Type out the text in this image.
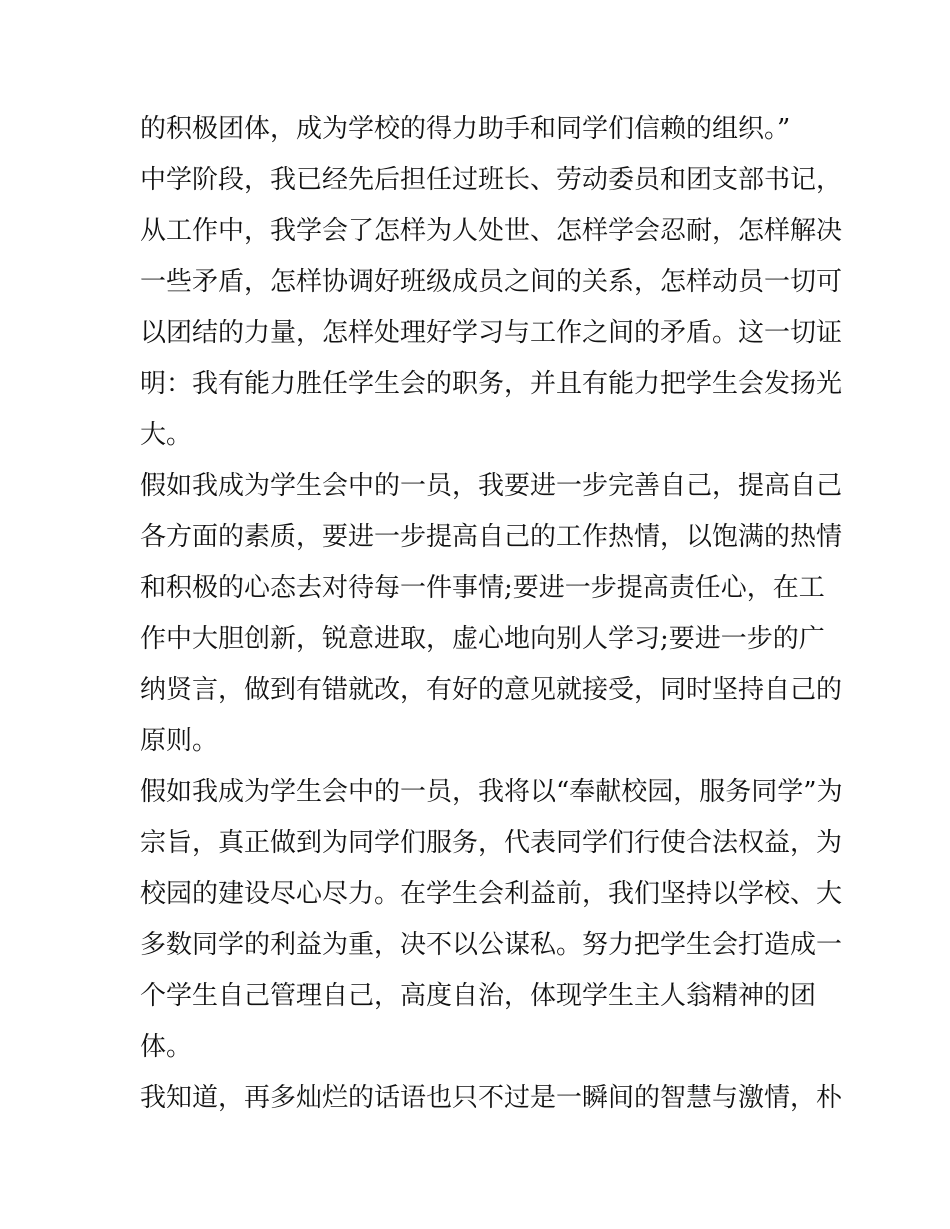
的积极团体，成为学校的得力助手和同学们信赖的组织。”
中学阶段，我已经先后担任过班长、劳动委员和团支部书记，
从工作中，我学会了怎样为人处世、怎样学会忍耐，怎样解决
一些矛盾，怎样协调好班级成员之间的关系，怎样动员一切可
以团结的力量，怎样处理好学习与工作之间的矛盾。这一切证
明：我有能力胜任学生会的职务，并且有能力把学生会发扬光
大。
假如我成为学生会中的一员，我要进一步完善自己，提高自己
各方面的素质，要进一步提高自己的工作热情，以饱满的热情
和积极的心态去对待每一件事情;要进一步提高责任心，在工
作中大胆创新，锐意进取，虚心地向别人学习;要进一步的广
纳贤言，做到有错就改，有好的意见就接受，同时坚持自己的
原则。
假如我成为学生会中的一员，我将以“奉献校园，服务同学”为
宗旨，真正做到为同学们服务，代表同学们行使合法权益，为
校园的建设尽心尽力。在学生会利益前，我们坚持以学校、大
多数同学的利益为重，决不以公谋私。努力把学生会打造成一
个学生自己管理自己，高度自治，体现学生主人翁精神的团
体。
我知道，再多灿烂的话语也只不过是一瞬间的智慧与激情，朴
